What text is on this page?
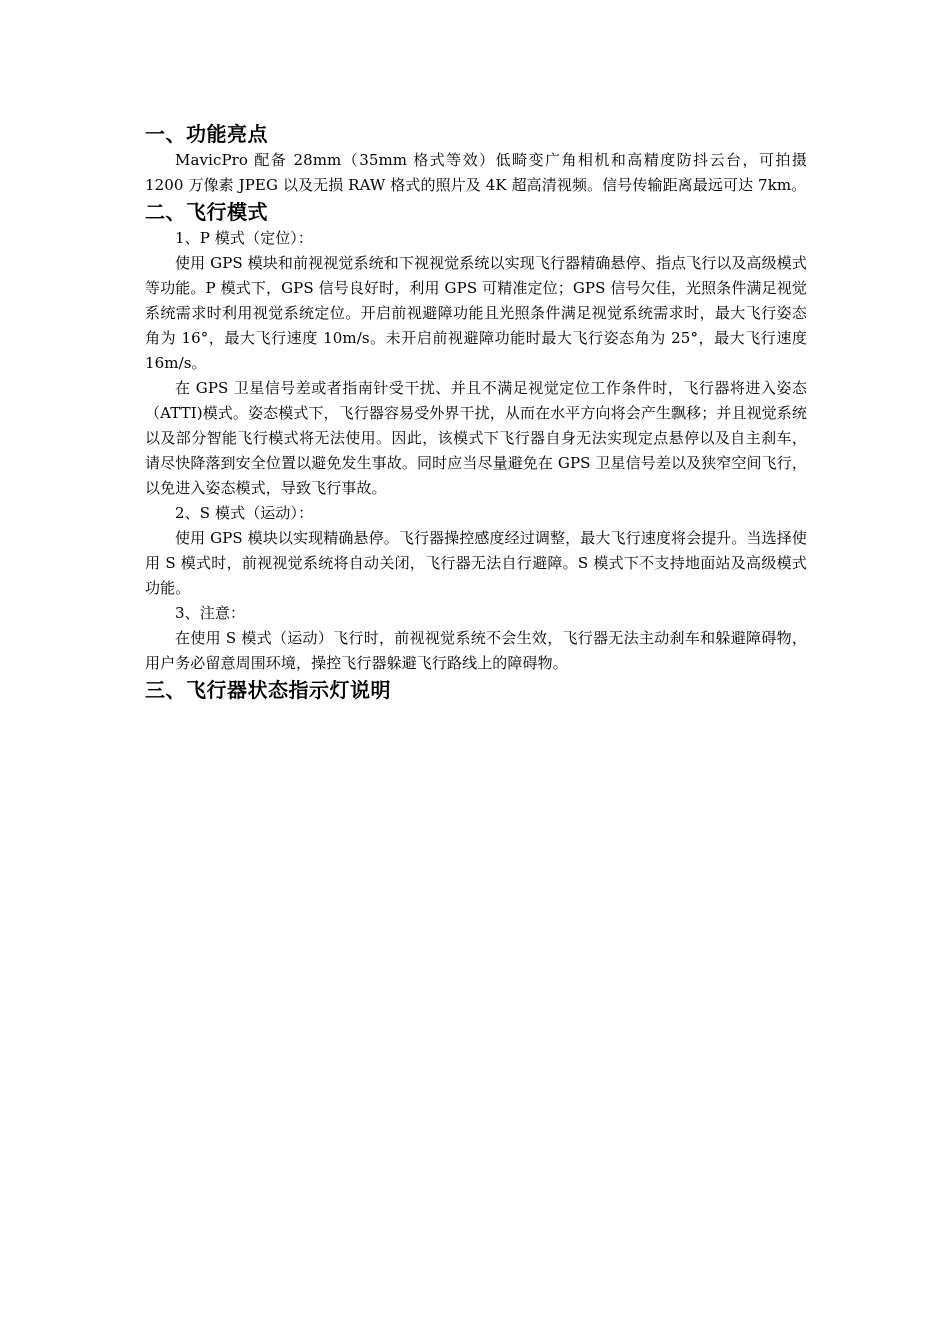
一、功能亮点

MavicPro 配备 28mm（35mm 格式等效）低畸变广角相机和高精度防抖云台，可拍摄 1200 万像素 JPEG 以及无损 RAW 格式的照片及 4K 超高清视频。信号传输距离最远可达 7km。

二、飞行模式

1、P 模式（定位）：

使用 GPS 模块和前视视觉系统和下视视觉系统以实现飞行器精确悬停、指点飞行以及高级模式等功能。P 模式下，GPS 信号良好时，利用 GPS 可精准定位；GPS 信号欠佳，光照条件满足视觉系统需求时利用视觉系统定位。开启前视避障功能且光照条件满足视觉系统需求时，最大飞行姿态角为 16°，最大飞行速度 10m/s。未开启前视避障功能时最大飞行姿态角为 25°，最大飞行速度 16m/s。

在 GPS 卫星信号差或者指南针受干扰、并且不满足视觉定位工作条件时，飞行器将进入姿态（ATTI)模式。姿态模式下，飞行器容易受外界干扰，从而在水平方向将会产生飘移；并且视觉系统以及部分智能飞行模式将无法使用。因此，该模式下飞行器自身无法实现定点悬停以及自主刹车，请尽快降落到安全位置以避免发生事故。同时应当尽量避免在 GPS 卫星信号差以及狭窄空间飞行，以免进入姿态模式，导致飞行事故。

2、S 模式（运动）：

使用 GPS 模块以实现精确悬停。飞行器操控感度经过调整，最大飞行速度将会提升。当选择使用 S 模式时，前视视觉系统将自动关闭，飞行器无法自行避障。S 模式下不支持地面站及高级模式功能。

3、注意：

在使用 S 模式（运动）飞行时，前视视觉系统不会生效，飞行器无法主动刹车和躲避障碍物，用户务必留意周围环境，操控飞行器躲避飞行路线上的障碍物。

三、飞行器状态指示灯说明
